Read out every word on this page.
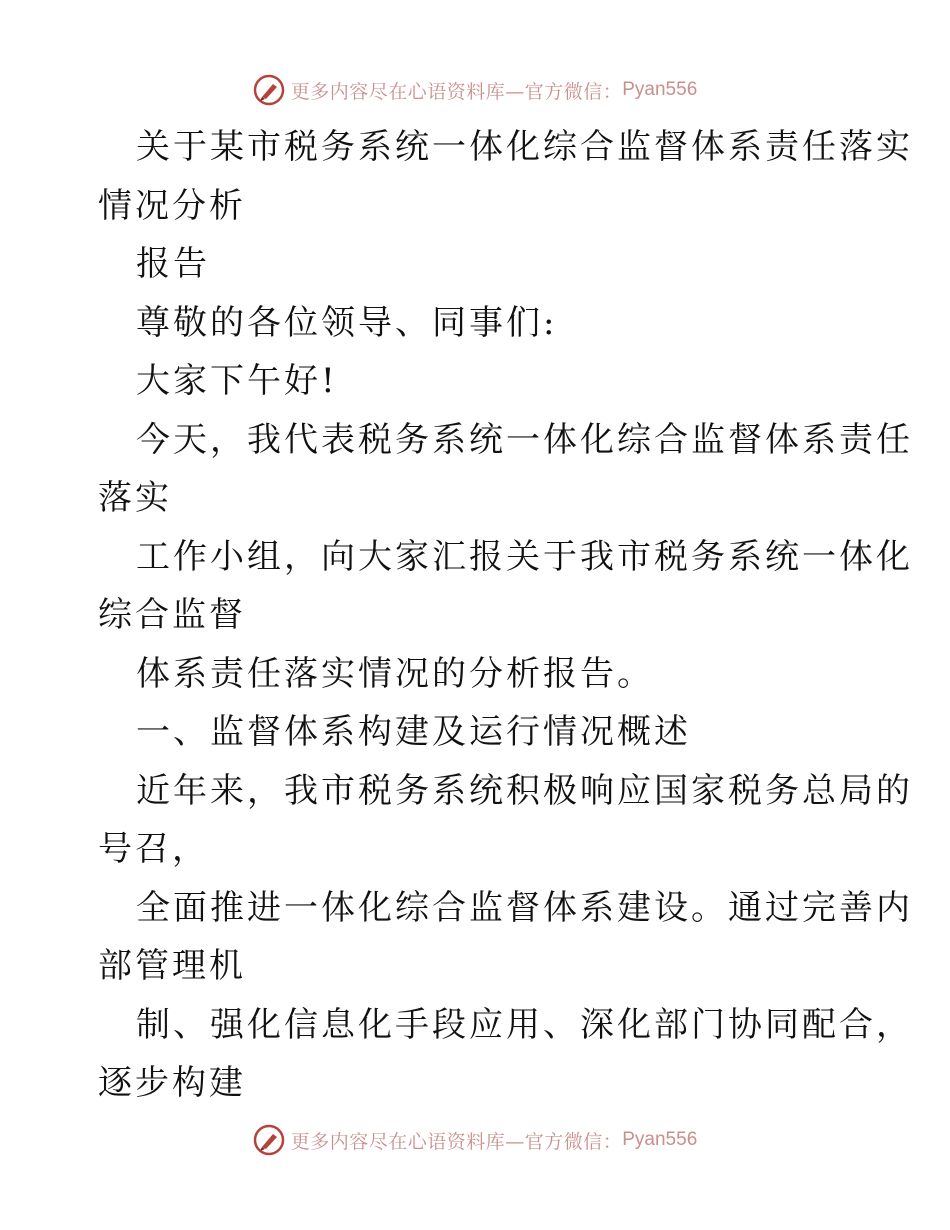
更多内容尽在心语资料库—官方微信： Pyan556
关于某市税务系统一体化综合监督体系责任落实
情况分析
报告
尊敬的各位领导、同事们:
大家下午好!
今天，我代表税务系统一体化综合监督体系责任
落实
工作小组，向大家汇报关于我市税务系统一体化
综合监督
体系责任落实情况的分析报告。
一、监督体系构建及运行情况概述
近年来，我市税务系统积极响应国家税务总局的
号召，
全面推进一体化综合监督体系建设。通过完善内
部管理机
制、强化信息化手段应用、深化部门协同配合，
逐步构建
更多内容尽在心语资料库—官方微信： Pyan556
